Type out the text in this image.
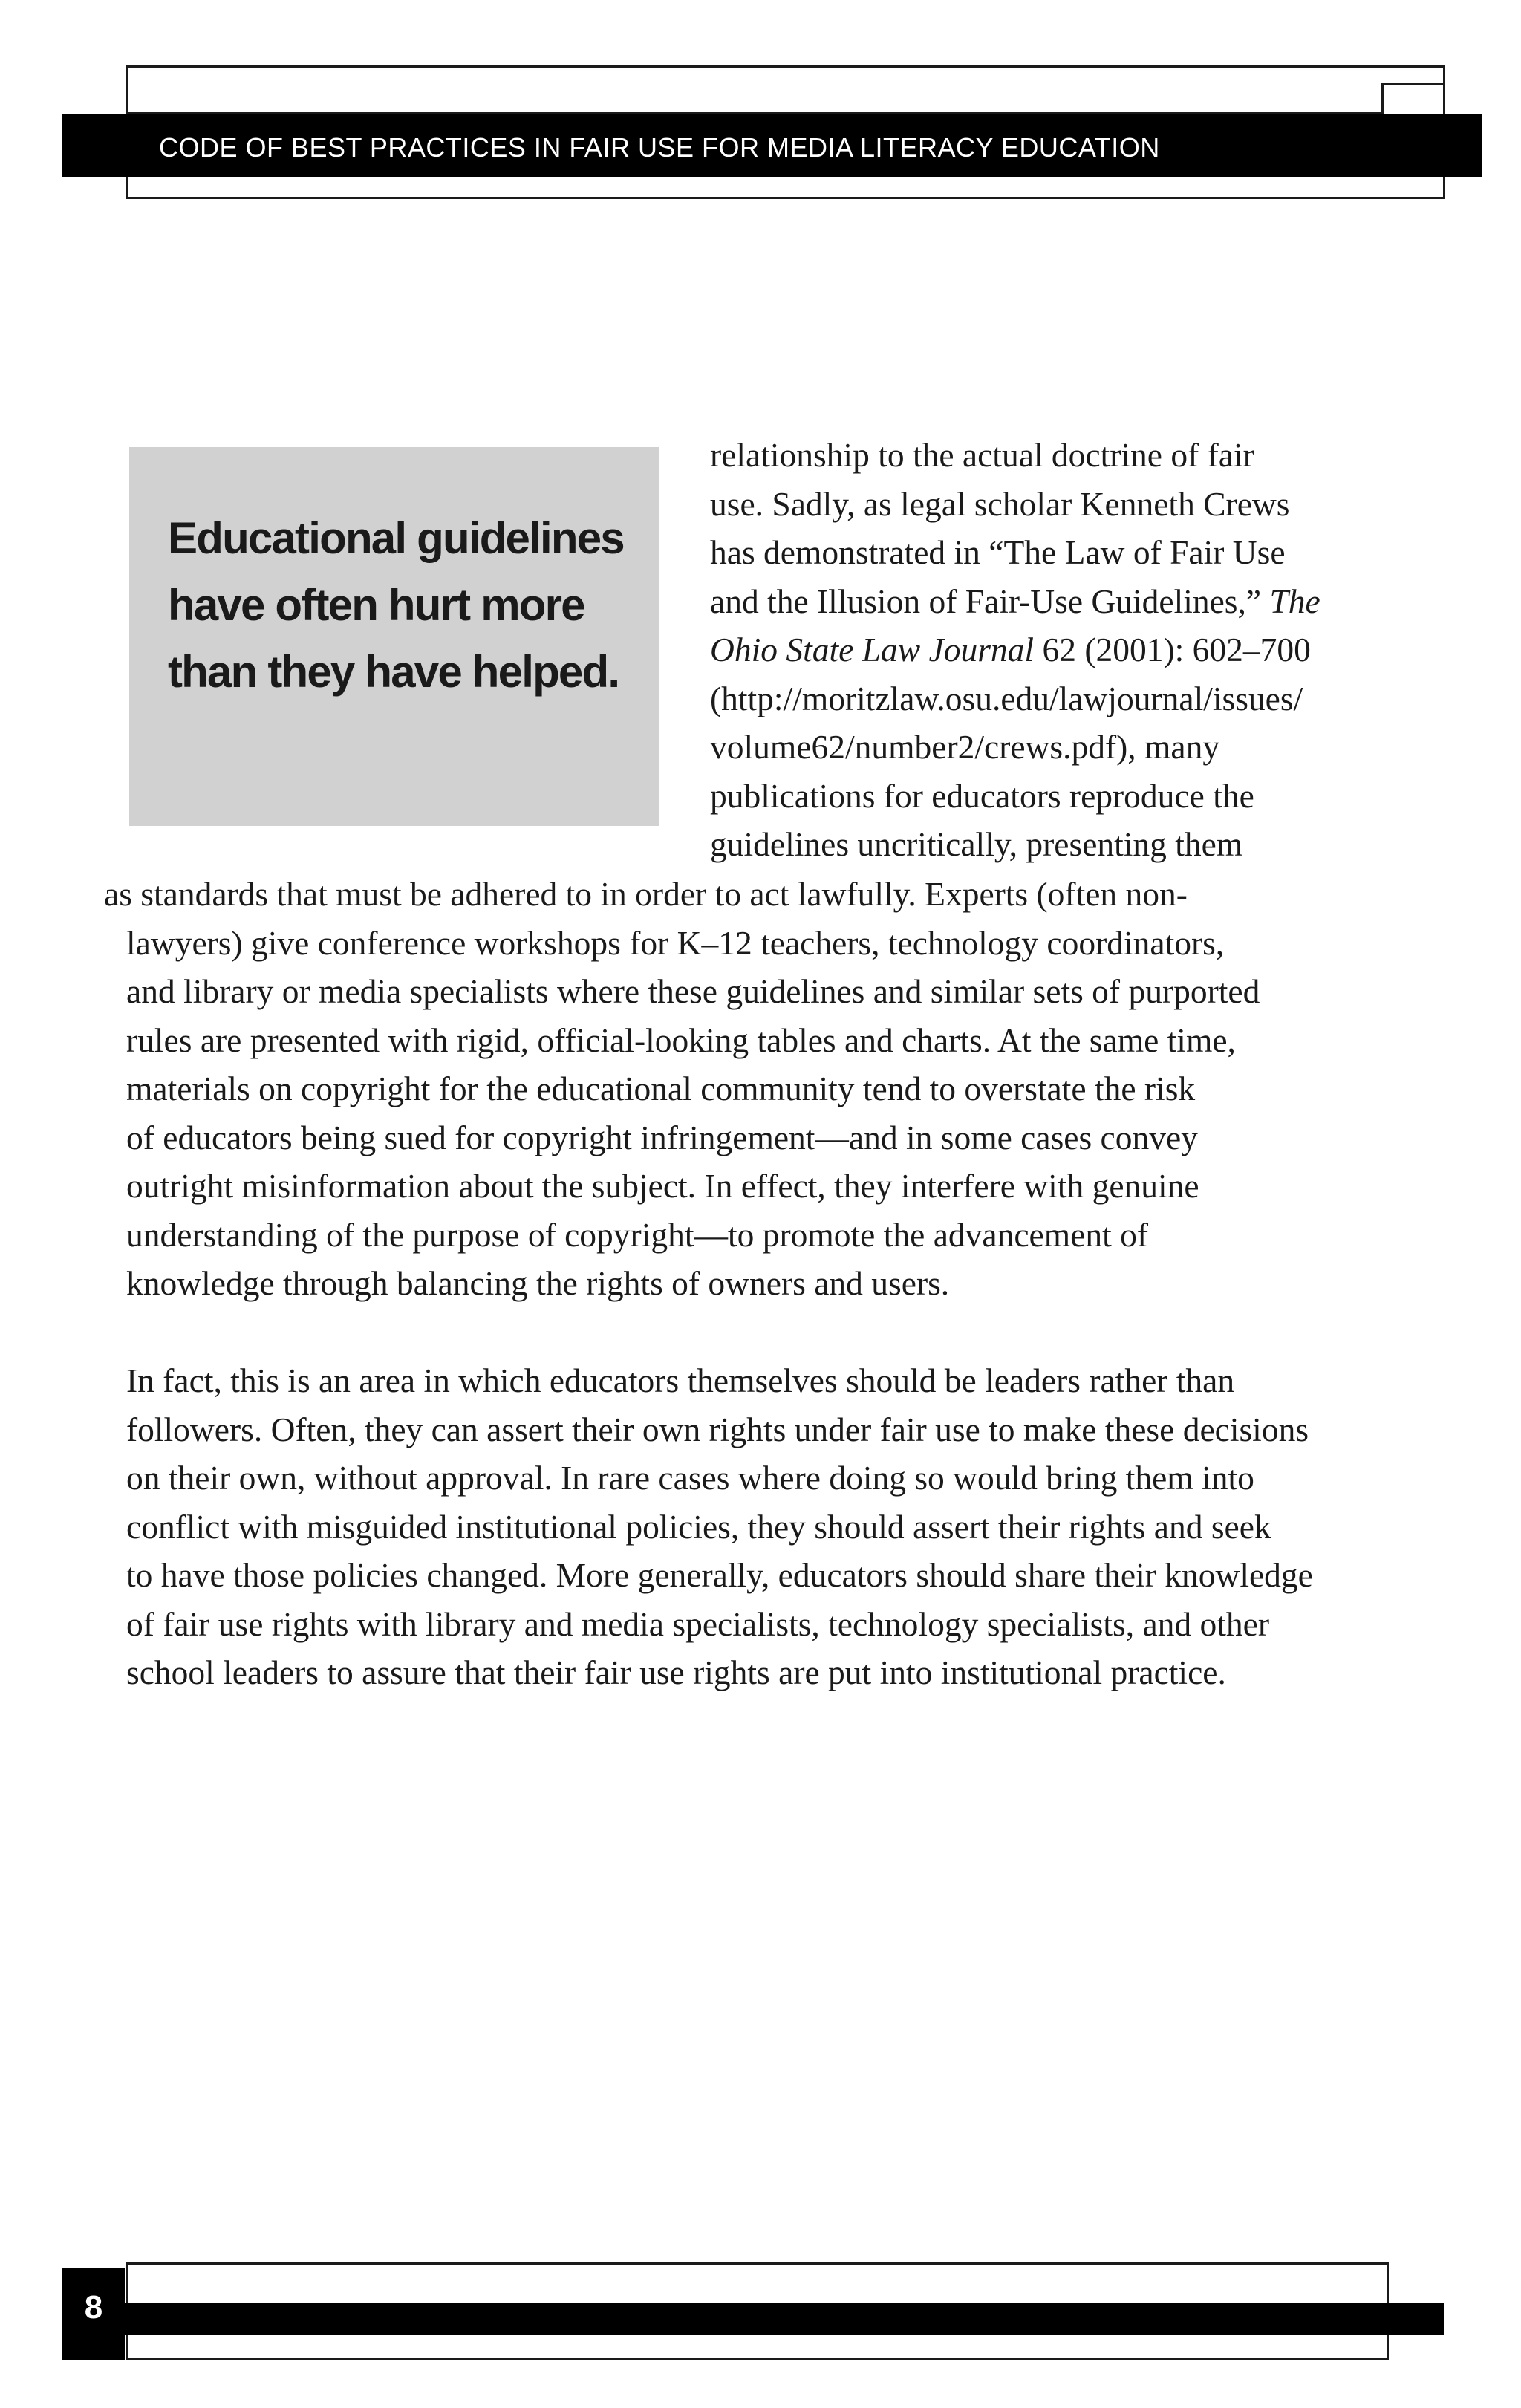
CODE OF BEST PRACTICES IN FAIR USE FOR MEDIA LITERACY EDUCATION
Educational guidelines have often hurt more than they have helped.
relationship to the actual doctrine of fair
use. Sadly, as legal scholar Kenneth Crews
has demonstrated in “The Law of Fair Use
and the Illusion of Fair-Use Guidelines,” The
Ohio State Law Journal 62 (2001): 602–700
(http://moritzlaw.osu.edu/lawjournal/issues/
volume62/number2/crews.pdf), many
publications for educators reproduce the
guidelines uncritically, presenting them
as standards that must be adhered to in order to act lawfully. Experts (often non-
lawyers) give conference workshops for K–12 teachers, technology coordinators,
and library or media specialists where these guidelines and similar sets of purported
rules are presented with rigid, official-looking tables and charts. At the same time,
materials on copyright for the educational community tend to overstate the risk
of educators being sued for copyright infringement—and in some cases convey
outright misinformation about the subject. In effect, they interfere with genuine
understanding of the purpose of copyright—to promote the advancement of
knowledge through balancing the rights of owners and users.
In fact, this is an area in which educators themselves should be leaders rather than
followers. Often, they can assert their own rights under fair use to make these decisions
on their own, without approval. In rare cases where doing so would bring them into
conflict with misguided institutional policies, they should assert their rights and seek
to have those policies changed. More generally, educators should share their knowledge
of fair use rights with library and media specialists, technology specialists, and other
school leaders to assure that their fair use rights are put into institutional practice.
8
